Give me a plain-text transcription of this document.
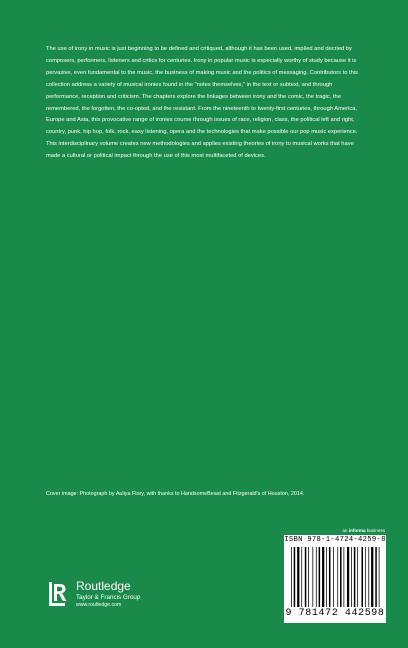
The use of irony in music is just beginning to be defined and critiqued, although it has been used, implied and decried by composers, performers, listeners and critics for centuries. Irony in popular music is especially worthy of study because it is pervasive, even fundamental to the music, the business of making music and the politics of messaging. Contributors to this collection address a variety of musical ironies found in the "notes themselves," in the text or subtext, and through performance, reception and criticism. The chapters explore the linkages between irony and the comic, the tragic, the remembered, the forgotten, the co-opted, and the resistant. From the nineteenth to twenty-first centuries, through America, Europe and Asia, this provocative range of ironies course through issues of race, religion, class, the political left and right, country, punk, hip hop, folk, rock, easy listening, opera and the technologies that make possible our pop music experience. This interdisciplinary volume creates new methodologies and applies existing theories of irony to musical works that have made a cultural or political impact through the use of this most multifaceted of devices.

Cover image: Photograph by Auliya Flory, with thanks to HandsomeBeast and Fitzgerald's of Houston, 2014.

an informa business
ISBN 978-1-4724-4259-8
9 781472 442598
Routledge
Taylor & Francis Group
www.routledge.com
